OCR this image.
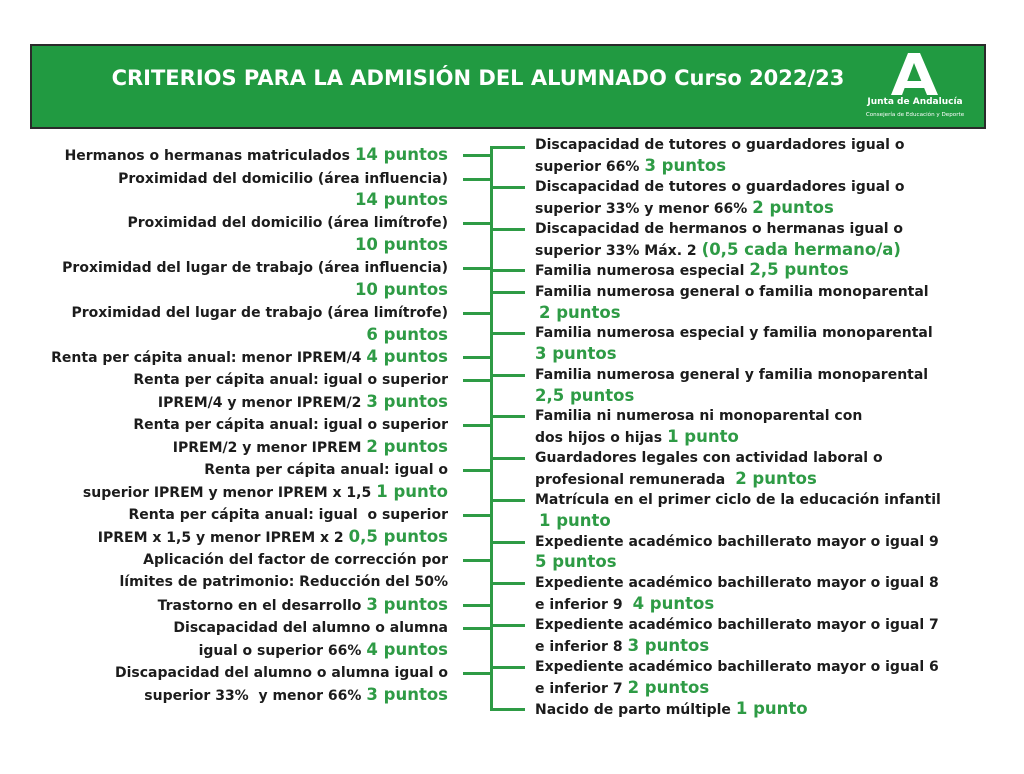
CRITERIOS PARA LA ADMISIÓN DEL ALUMNADO Curso 2022/23
Junta de Andalucía
Consejería de Educación y Deporte
Hermanos o hermanas matriculados 14 puntos
Proximidad del domicilio (área influencia)
14 puntos
Proximidad del domicilio (área limítrofe)
10 puntos
Proximidad del lugar de trabajo (área influencia)
10 puntos
Proximidad del lugar de trabajo (área limítrofe)
6 puntos
Renta per cápita anual: menor IPREM/4 4 puntos
Renta per cápita anual: igual o superior
IPREM/4 y menor IPREM/2 3 puntos
Renta per cápita anual: igual o superior
IPREM/2 y menor IPREM 2 puntos
Renta per cápita anual: igual o
superior IPREM y menor IPREM x 1,5 1 punto
Renta per cápita anual: igual  o superior
IPREM x 1,5 y menor IPREM x 2 0,5 puntos
Aplicación del factor de corrección por
límites de patrimonio: Reducción del 50%
Trastorno en el desarrollo 3 puntos
Discapacidad del alumno o alumna
igual o superior 66% 4 puntos
Discapacidad del alumno o alumna igual o
superior 33%  y menor 66% 3 puntos
Discapacidad de tutores o guardadores igual o
superior 66% 3 puntos
Discapacidad de tutores o guardadores igual o
superior 33% y menor 66% 2 puntos
Discapacidad de hermanos o hermanas igual o
superior 33% Máx. 2 (0,5 cada hermano/a)
Familia numerosa especial 2,5 puntos
Familia numerosa general o familia monoparental
2 puntos
Familia numerosa especial y familia monoparental
3 puntos
Familia numerosa general y familia monoparental
2,5 puntos
Familia ni numerosa ni monoparental con
dos hijos o hijas 1 punto
Guardadores legales con actividad laboral o
profesional remunerada 2 puntos
Matrícula en el primer ciclo de la educación infantil
1 punto
Expediente académico bachillerato mayor o igual 9
5 puntos
Expediente académico bachillerato mayor o igual 8
e inferior 9 4 puntos
Expediente académico bachillerato mayor o igual 7
e inferior 8 3 puntos
Expediente académico bachillerato mayor o igual 6
e inferior 7 2 puntos
Nacido de parto múltiple 1 punto
